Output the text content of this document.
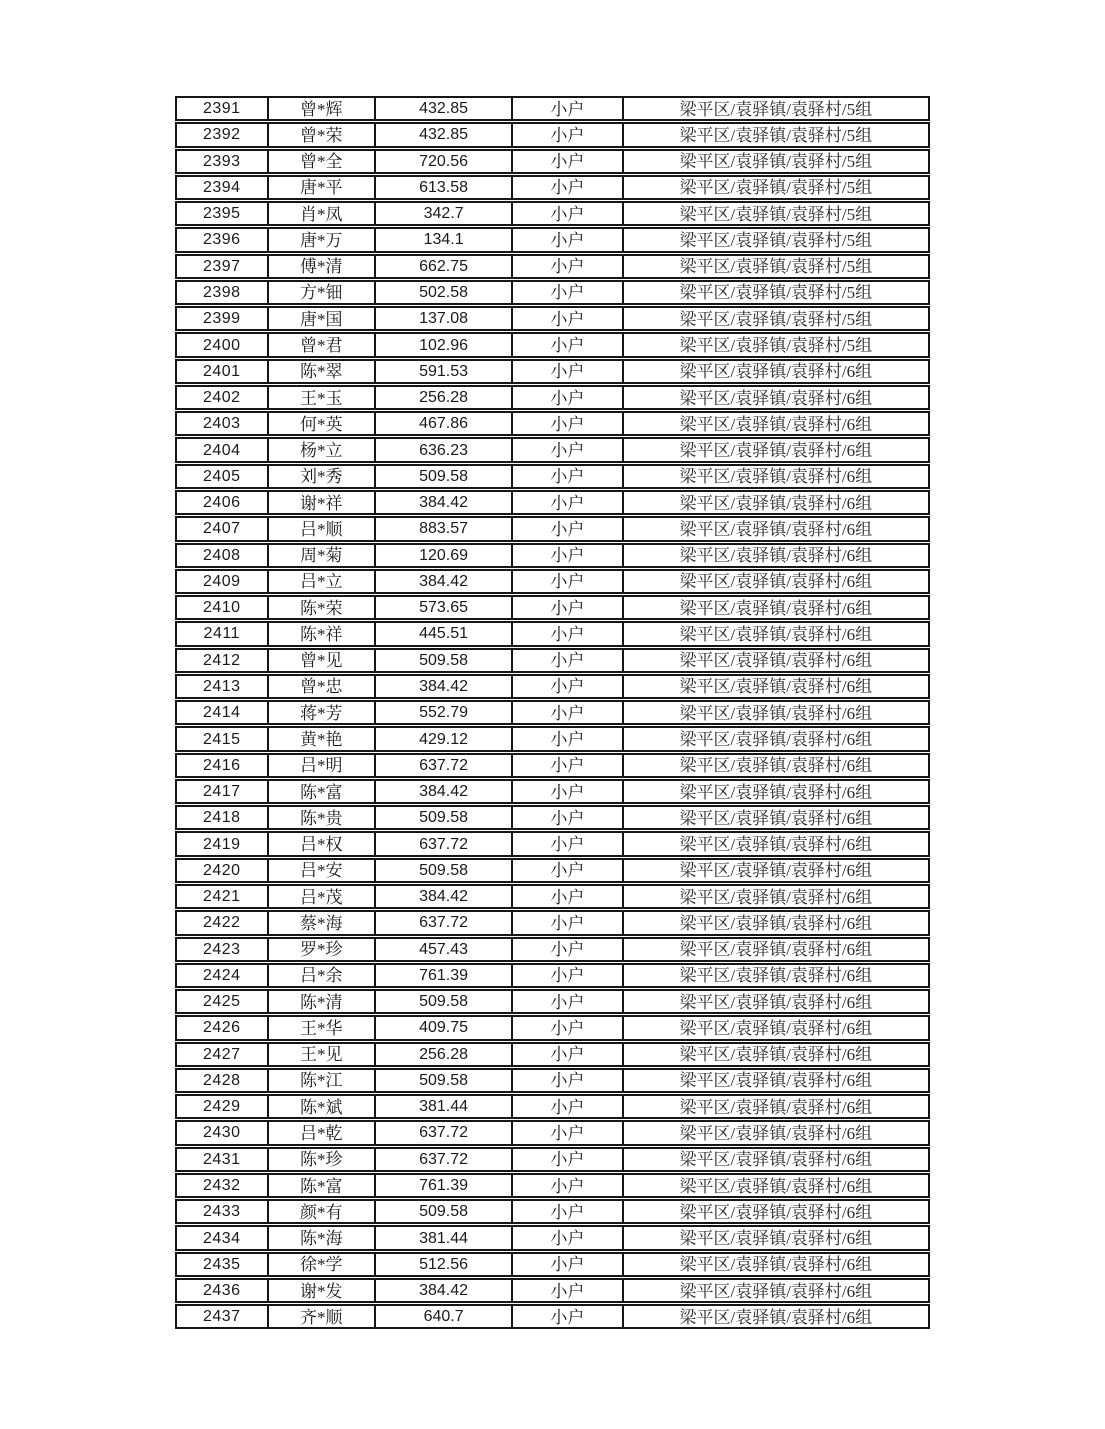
2391	曾*辉	432.85	小户	梁平区/袁驿镇/袁驿村/5组
2392	曾*荣	432.85	小户	梁平区/袁驿镇/袁驿村/5组
2393	曾*全	720.56	小户	梁平区/袁驿镇/袁驿村/5组
2394	唐*平	613.58	小户	梁平区/袁驿镇/袁驿村/5组
2395	肖*凤	342.7	小户	梁平区/袁驿镇/袁驿村/5组
2396	唐*万	134.1	小户	梁平区/袁驿镇/袁驿村/5组
2397	傅*清	662.75	小户	梁平区/袁驿镇/袁驿村/5组
2398	方*钿	502.58	小户	梁平区/袁驿镇/袁驿村/5组
2399	唐*国	137.08	小户	梁平区/袁驿镇/袁驿村/5组
2400	曾*君	102.96	小户	梁平区/袁驿镇/袁驿村/5组
2401	陈*翠	591.53	小户	梁平区/袁驿镇/袁驿村/6组
2402	王*玉	256.28	小户	梁平区/袁驿镇/袁驿村/6组
2403	何*英	467.86	小户	梁平区/袁驿镇/袁驿村/6组
2404	杨*立	636.23	小户	梁平区/袁驿镇/袁驿村/6组
2405	刘*秀	509.58	小户	梁平区/袁驿镇/袁驿村/6组
2406	谢*祥	384.42	小户	梁平区/袁驿镇/袁驿村/6组
2407	吕*顺	883.57	小户	梁平区/袁驿镇/袁驿村/6组
2408	周*菊	120.69	小户	梁平区/袁驿镇/袁驿村/6组
2409	吕*立	384.42	小户	梁平区/袁驿镇/袁驿村/6组
2410	陈*荣	573.65	小户	梁平区/袁驿镇/袁驿村/6组
2411	陈*祥	445.51	小户	梁平区/袁驿镇/袁驿村/6组
2412	曾*见	509.58	小户	梁平区/袁驿镇/袁驿村/6组
2413	曾*忠	384.42	小户	梁平区/袁驿镇/袁驿村/6组
2414	蒋*芳	552.79	小户	梁平区/袁驿镇/袁驿村/6组
2415	黄*艳	429.12	小户	梁平区/袁驿镇/袁驿村/6组
2416	吕*明	637.72	小户	梁平区/袁驿镇/袁驿村/6组
2417	陈*富	384.42	小户	梁平区/袁驿镇/袁驿村/6组
2418	陈*贵	509.58	小户	梁平区/袁驿镇/袁驿村/6组
2419	吕*权	637.72	小户	梁平区/袁驿镇/袁驿村/6组
2420	吕*安	509.58	小户	梁平区/袁驿镇/袁驿村/6组
2421	吕*茂	384.42	小户	梁平区/袁驿镇/袁驿村/6组
2422	蔡*海	637.72	小户	梁平区/袁驿镇/袁驿村/6组
2423	罗*珍	457.43	小户	梁平区/袁驿镇/袁驿村/6组
2424	吕*余	761.39	小户	梁平区/袁驿镇/袁驿村/6组
2425	陈*清	509.58	小户	梁平区/袁驿镇/袁驿村/6组
2426	王*华	409.75	小户	梁平区/袁驿镇/袁驿村/6组
2427	王*见	256.28	小户	梁平区/袁驿镇/袁驿村/6组
2428	陈*江	509.58	小户	梁平区/袁驿镇/袁驿村/6组
2429	陈*斌	381.44	小户	梁平区/袁驿镇/袁驿村/6组
2430	吕*乾	637.72	小户	梁平区/袁驿镇/袁驿村/6组
2431	陈*珍	637.72	小户	梁平区/袁驿镇/袁驿村/6组
2432	陈*富	761.39	小户	梁平区/袁驿镇/袁驿村/6组
2433	颜*有	509.58	小户	梁平区/袁驿镇/袁驿村/6组
2434	陈*海	381.44	小户	梁平区/袁驿镇/袁驿村/6组
2435	徐*学	512.56	小户	梁平区/袁驿镇/袁驿村/6组
2436	谢*发	384.42	小户	梁平区/袁驿镇/袁驿村/6组
2437	齐*顺	640.7	小户	梁平区/袁驿镇/袁驿村/6组
